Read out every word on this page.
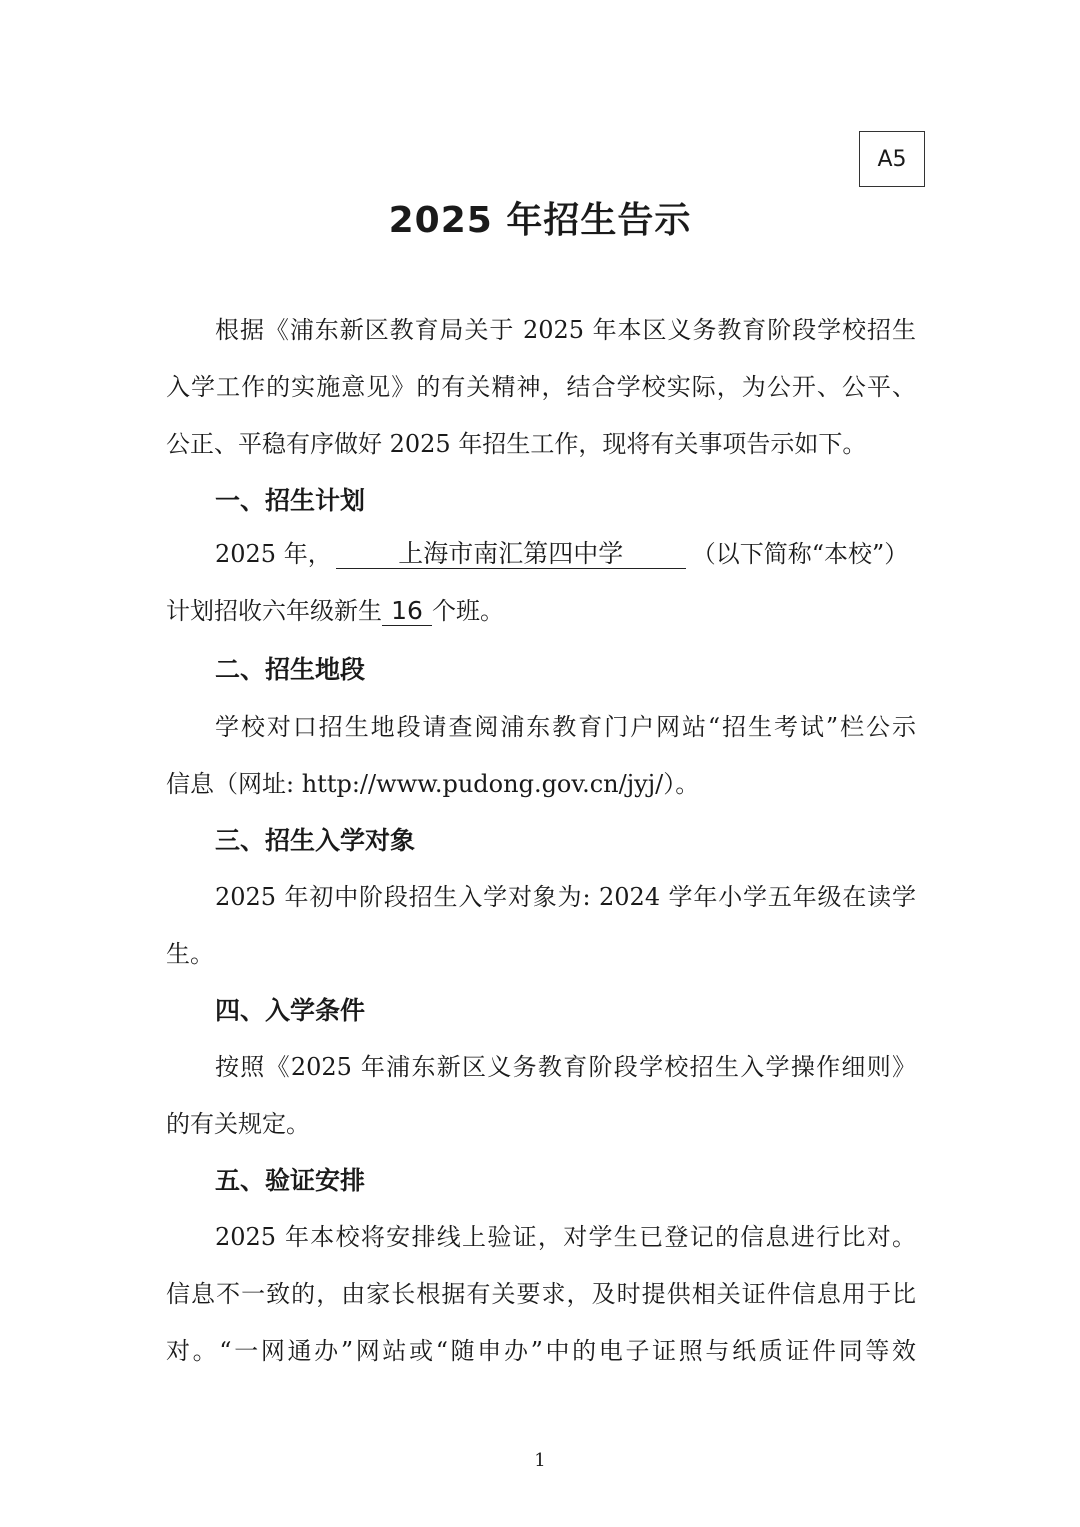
A5
2025 年招生告示
根据《浦东新区教育局关于 2025 年本区义务教育阶段学校招生
入学工作的实施意见》的有关精神，结合学校实际，为公开、公平、
公正、平稳有序做好 2025 年招生工作，现将有关事项告示如下。
一、招生计划
2025 年，	上海市南汇第四中学	（以下简称“本校”）
计划招收六年级新生 16 个班。
二、招生地段
学校对口招生地段请查阅浦东教育门户网站“招生考试”栏公示
信息（网址: http://www.pudong.gov.cn/jyj/）。
三、招生入学对象
2025 年初中阶段招生入学对象为: 2024 学年小学五年级在读学
生。
四、入学条件
按照《2025 年浦东新区义务教育阶段学校招生入学操作细则》
的有关规定。
五、验证安排
2025 年本校将安排线上验证，对学生已登记的信息进行比对。
信息不一致的，由家长根据有关要求，及时提供相关证件信息用于比
对。“一网通办”网站或“随申办”中的电子证照与纸质证件同等效
1
